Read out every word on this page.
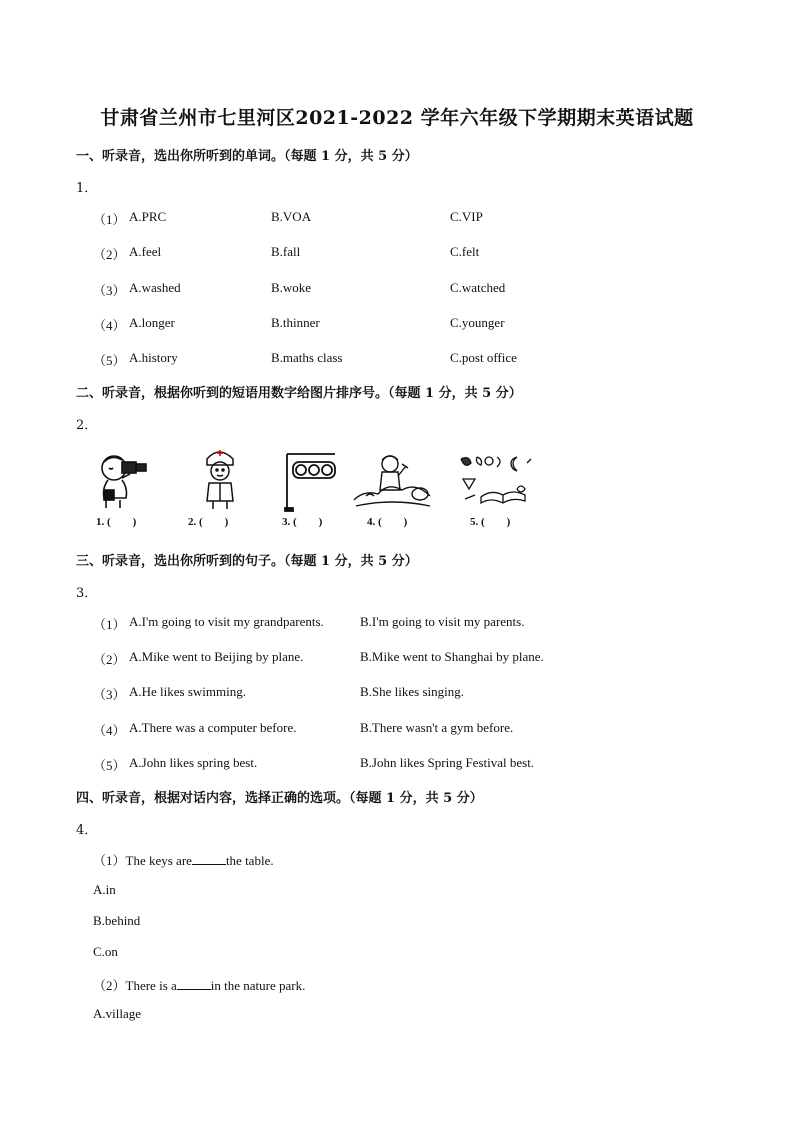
甘肃省兰州市七里河区2021-2022 学年六年级下学期期末英语试题
一、听录音，选出你所听到的单词。（每题 1 分，共 5 分）
1．
（1） A.PRC	B.VOA	C.VIP
（2） A.feel	B.fall	C.felt
（3） A.washed	B.woke	C.watched
（4） A.longer	B.thinner	C.younger
（5） A.history	B.maths class	C.post office
二、听录音，根据你听到的短语用数字给图片排序号。（每题 1 分，共 5 分）
2．
1. (        )	2. (        )	3. (        )	4. (        )	5. (        )
三、听录音，选出你所听到的句子。（每题 1 分，共 5 分）
3．
（1） A.I'm going to visit my grandparents.	B.I'm going to visit my parents.
（2） A.Mike went to Beijing by plane.	B.Mike went to Shanghai by plane.
（3） A.He likes swimming.	B.She likes singing.
（4） A.There was a computer before.	B.There wasn't a gym before.
（5） A.John likes spring best.	B.John likes Spring Festival best.
四、听录音，根据对话内容，选择正确的选项。（每题 1 分，共 5 分）
4．
（1）The keys are	the table.
A.in
B.behind
C.on
（2）There is a	in the nature park.
A.village
